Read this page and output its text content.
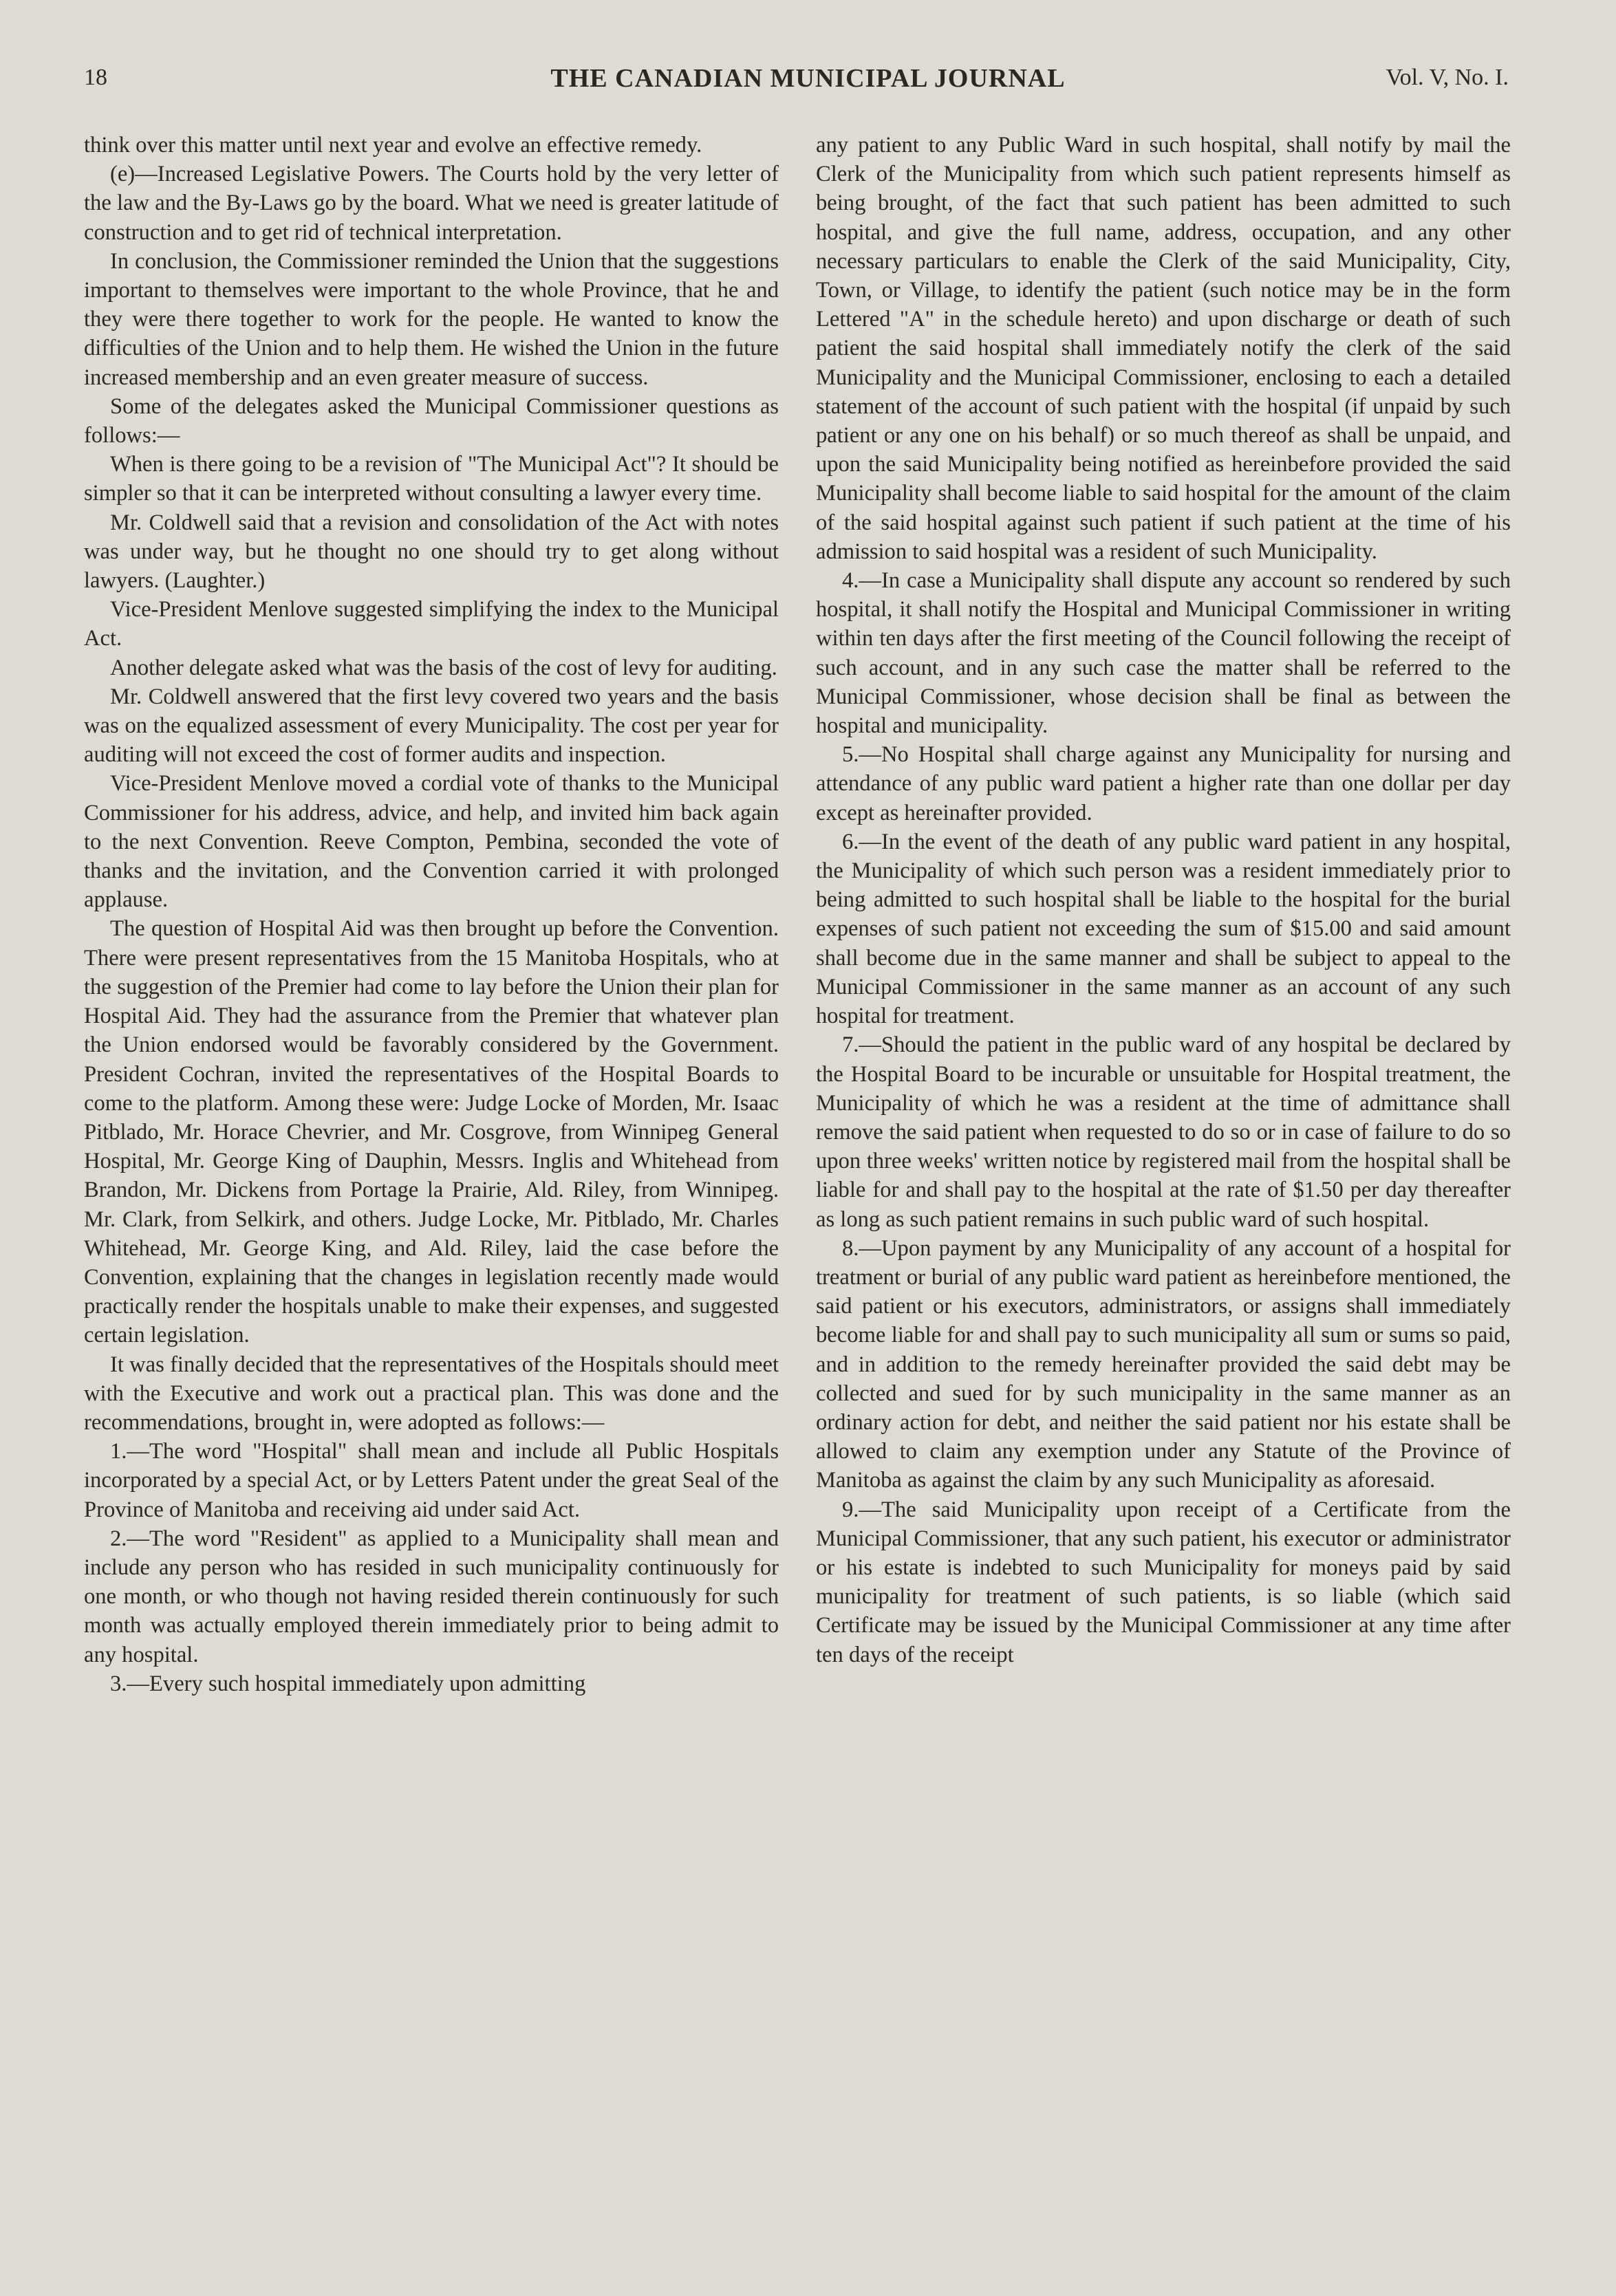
18	THE CANADIAN MUNICIPAL JOURNAL	Vol. V, No. I.

think over this matter until next year and evolve an effective remedy.

(e)—Increased Legislative Powers. The Courts hold by the very letter of the law and the By-Laws go by the board. What we need is greater latitude of construction and to get rid of technical interpretation.

In conclusion, the Commissioner reminded the Union that the suggestions important to themselves were important to the whole Province, that he and they were there together to work for the people. He wanted to know the difficulties of the Union and to help them. He wished the Union in the future increased membership and an even greater measure of success.

Some of the delegates asked the Municipal Commissioner questions as follows:—

When is there going to be a revision of "The Municipal Act"? It should be simpler so that it can be interpreted without consulting a lawyer every time.

Mr. Coldwell said that a revision and consolidation of the Act with notes was under way, but he thought no one should try to get along without lawyers. (Laughter.)

Vice-President Menlove suggested simplifying the index to the Municipal Act.

Another delegate asked what was the basis of the cost of levy for auditing.

Mr. Coldwell answered that the first levy covered two years and the basis was on the equalized assessment of every Municipality. The cost per year for auditing will not exceed the cost of former audits and inspection.

Vice-President Menlove moved a cordial vote of thanks to the Municipal Commissioner for his address, advice, and help, and invited him back again to the next Convention. Reeve Compton, Pembina, seconded the vote of thanks and the invitation, and the Convention carried it with prolonged applause.

The question of Hospital Aid was then brought up before the Convention. There were present representatives from the 15 Manitoba Hospitals, who at the suggestion of the Premier had come to lay before the Union their plan for Hospital Aid. They had the assurance from the Premier that whatever plan the Union endorsed would be favorably considered by the Government. President Cochran, invited the representatives of the Hospital Boards to come to the platform. Among these were: Judge Locke of Morden, Mr. Isaac Pitblado, Mr. Horace Chevrier, and Mr. Cosgrove, from Winnipeg General Hospital, Mr. George King of Dauphin, Messrs. Inglis and Whitehead from Brandon, Mr. Dickens from Portage la Prairie, Ald. Riley, from Winnipeg. Mr. Clark, from Selkirk, and others. Judge Locke, Mr. Pitblado, Mr. Charles Whitehead, Mr. George King, and Ald. Riley, laid the case before the Convention, explaining that the changes in legislation recently made would practically render the hospitals unable to make their expenses, and suggested certain legislation.

It was finally decided that the representatives of the Hospitals should meet with the Executive and work out a practical plan. This was done and the recommendations, brought in, were adopted as follows:—

1.—The word "Hospital" shall mean and include all Public Hospitals incorporated by a special Act, or by Letters Patent under the great Seal of the Province of Manitoba and receiving aid under said Act.

2.—The word "Resident" as applied to a Municipality shall mean and include any person who has resided in such municipality continuously for one month, or who though not having resided therein continuously for such month was actually employed therein immediately prior to being admit to any hospital.

3.—Every such hospital immediately upon admitting

any patient to any Public Ward in such hospital, shall notify by mail the Clerk of the Municipality from which such patient represents himself as being brought, of the fact that such patient has been admitted to such hospital, and give the full name, address, occupation, and any other necessary particulars to enable the Clerk of the said Municipality, City, Town, or Village, to identify the patient (such notice may be in the form Lettered "A" in the schedule hereto) and upon discharge or death of such patient the said hospital shall immediately notify the clerk of the said Municipality and the Municipal Commissioner, enclosing to each a detailed statement of the account of such patient with the hospital (if unpaid by such patient or any one on his behalf) or so much thereof as shall be unpaid, and upon the said Municipality being notified as hereinbefore provided the said Municipality shall become liable to said hospital for the amount of the claim of the said hospital against such patient if such patient at the time of his admission to said hospital was a resident of such Municipality.

4.—In case a Municipality shall dispute any account so rendered by such hospital, it shall notify the Hospital and Municipal Commissioner in writing within ten days after the first meeting of the Council following the receipt of such account, and in any such case the matter shall be referred to the Municipal Commissioner, whose decision shall be final as between the hospital and municipality.

5.—No Hospital shall charge against any Municipality for nursing and attendance of any public ward patient a higher rate than one dollar per day except as hereinafter provided.

6.—In the event of the death of any public ward patient in any hospital, the Municipality of which such person was a resident immediately prior to being admitted to such hospital shall be liable to the hospital for the burial expenses of such patient not exceeding the sum of $15.00 and said amount shall become due in the same manner and shall be subject to appeal to the Municipal Commissioner in the same manner as an account of any such hospital for treatment.

7.—Should the patient in the public ward of any hospital be declared by the Hospital Board to be incurable or unsuitable for Hospital treatment, the Municipality of which he was a resident at the time of admittance shall remove the said patient when requested to do so or in case of failure to do so upon three weeks' written notice by registered mail from the hospital shall be liable for and shall pay to the hospital at the rate of $1.50 per day thereafter as long as such patient remains in such public ward of such hospital.

8.—Upon payment by any Municipality of any account of a hospital for treatment or burial of any public ward patient as hereinbefore mentioned, the said patient or his executors, administrators, or assigns shall immediately become liable for and shall pay to such municipality all sum or sums so paid, and in addition to the remedy hereinafter provided the said debt may be collected and sued for by such municipality in the same manner as an ordinary action for debt, and neither the said patient nor his estate shall be allowed to claim any exemption under any Statute of the Province of Manitoba as against the claim by any such Municipality as aforesaid.

9.—The said Municipality upon receipt of a Certificate from the Municipal Commissioner, that any such patient, his executor or administrator or his estate is indebted to such Municipality for moneys paid by said municipality for treatment of such patients, is so liable (which said Certificate may be issued by the Municipal Commissioner at any time after ten days of the receipt
